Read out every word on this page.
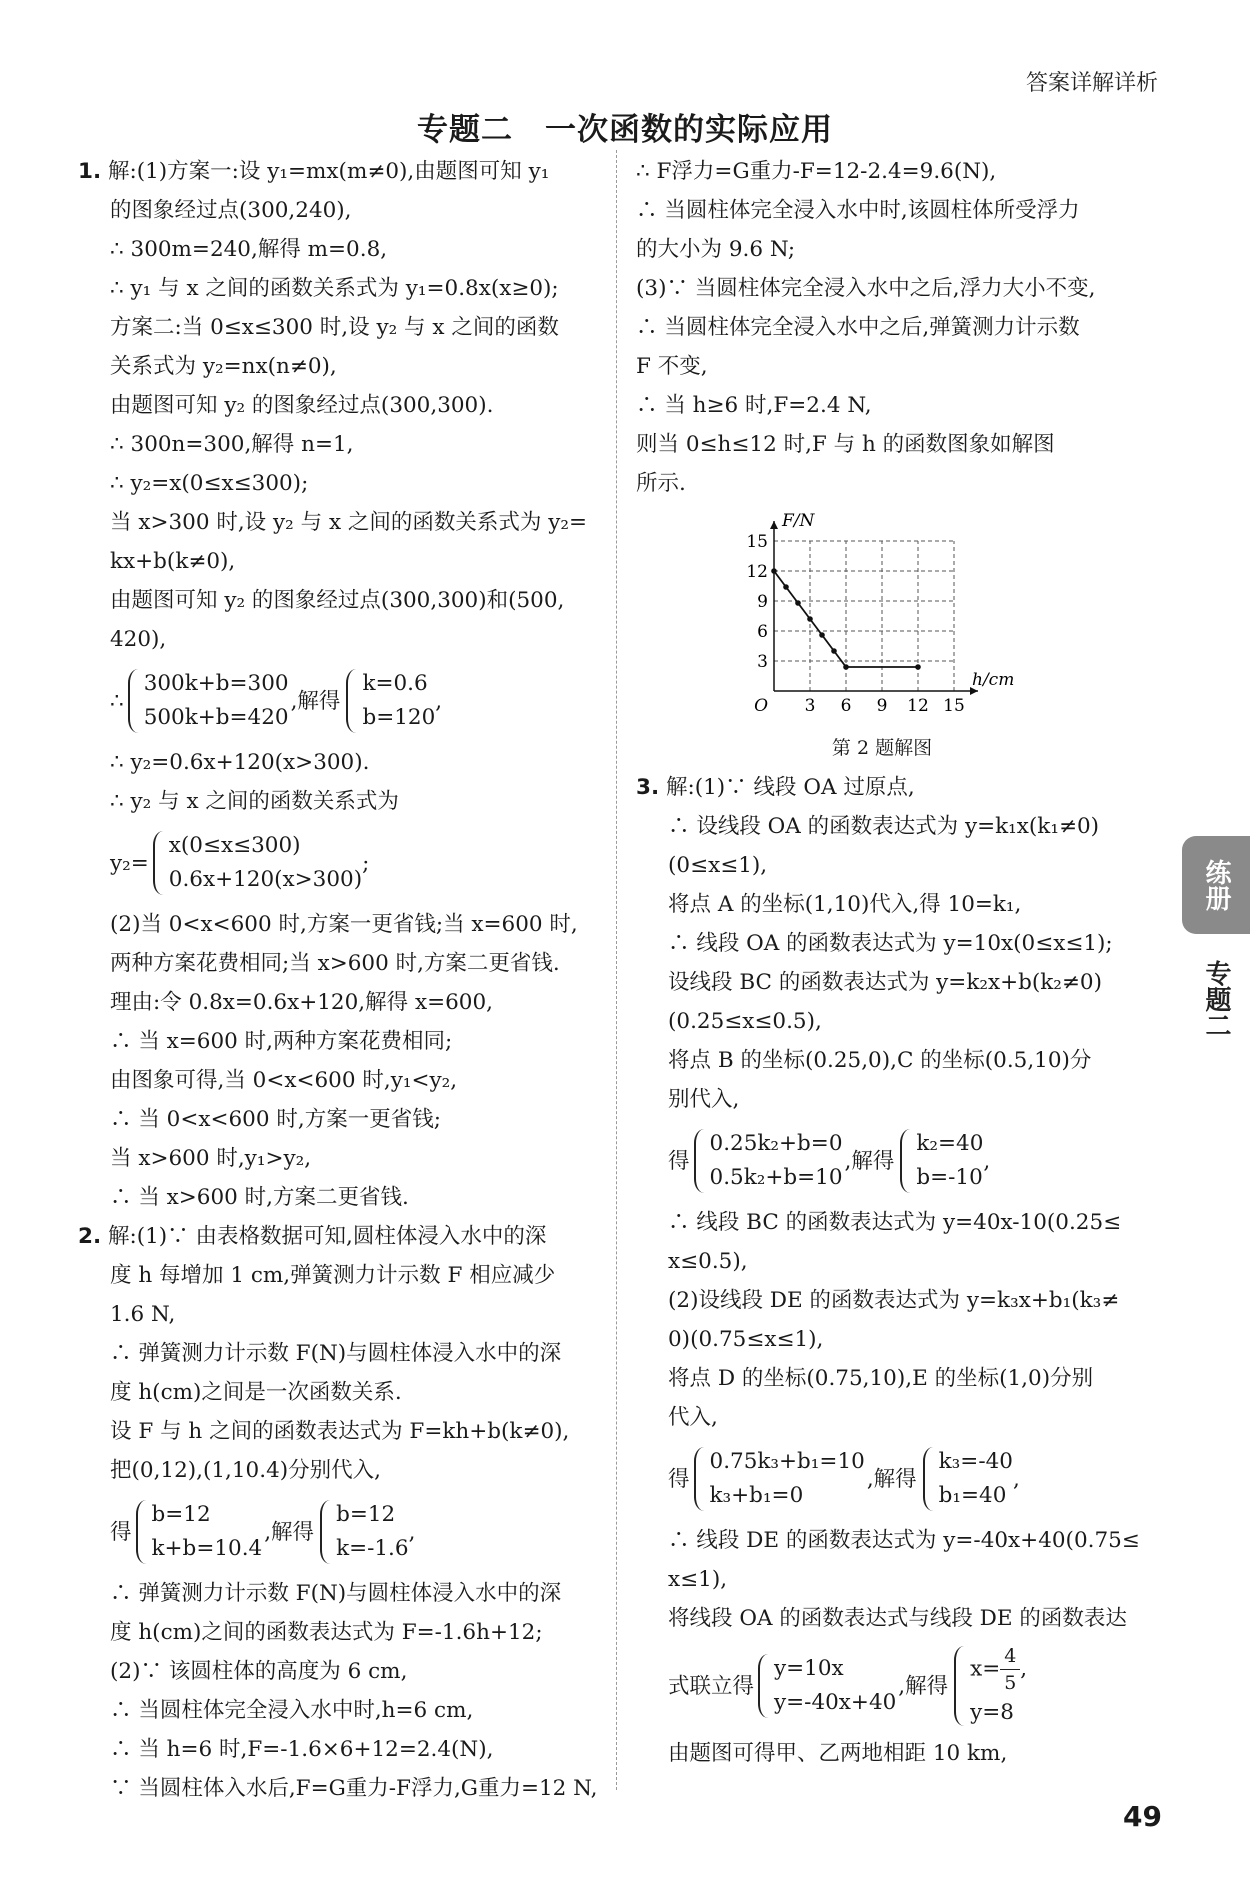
答案详解详析
专题二　一次函数的实际应用
1. 解:(1)方案一:设 y₁=mx(m≠0),由题图可知 y₁
的图象经过点(300,240),
∴ 300m=240,解得 m=0.8,
∴ y₁ 与 x 之间的函数关系式为 y₁=0.8x(x≥0);
方案二:当 0≤x≤300 时,设 y₂ 与 x 之间的函数
关系式为 y₂=nx(n≠0),
由题图可知 y₂ 的图象经过点(300,300).
∴ 300n=300,解得 n=1,
∴ y₂=x(0≤x≤300);
当 x>300 时,设 y₂ 与 x 之间的函数关系式为 y₂=
kx+b(k≠0),
由题图可知 y₂ 的图象经过点(300,300)和(500,
420),
∴
300k+b=300
500k+b=420
,解得
k=0.6
b=120
,
∴ y₂=0.6x+120(x>300).
∴ y₂ 与 x 之间的函数关系式为
y₂=
x(0≤x≤300)
0.6x+120(x>300)
;
(2)当 0<x<600 时,方案一更省钱;当 x=600 时,
两种方案花费相同;当 x>600 时,方案二更省钱.
理由:令 0.8x=0.6x+120,解得 x=600,
∴ 当 x=600 时,两种方案花费相同;
由图象可得,当 0<x<600 时,y₁<y₂,
∴ 当 0<x<600 时,方案一更省钱;
当 x>600 时,y₁>y₂,
∴ 当 x>600 时,方案二更省钱.
2. 解:(1)∵ 由表格数据可知,圆柱体浸入水中的深
度 h 每增加 1 cm,弹簧测力计示数 F 相应减少
1.6 N,
∴ 弹簧测力计示数 F(N)与圆柱体浸入水中的深
度 h(cm)之间是一次函数关系.
设 F 与 h 之间的函数表达式为 F=kh+b(k≠0),
把(0,12),(1,10.4)分别代入,
得
b=12
k+b=10.4
,解得
b=12
k=-1.6
,
∴ 弹簧测力计示数 F(N)与圆柱体浸入水中的深
度 h(cm)之间的函数表达式为 F=-1.6h+12;
(2)∵ 该圆柱体的高度为 6 cm,
∴ 当圆柱体完全浸入水中时,h=6 cm,
∴ 当 h=6 时,F=-1.6×6+12=2.4(N),
∵ 当圆柱体入水后,F=G重力-F浮力,G重力=12 N,
∴ F浮力=G重力-F=12-2.4=9.6(N),
∴ 当圆柱体完全浸入水中时,该圆柱体所受浮力
的大小为 9.6 N;
(3)∵ 当圆柱体完全浸入水中之后,浮力大小不变,
∴ 当圆柱体完全浸入水中之后,弹簧测力计示数
F 不变,
∴ 当 h≥6 时,F=2.4 N,
则当 0≤h≤12 时,F 与 h 的函数图象如解图
所示.
3 6 9 12 15
3
6
9
12
15
O
h/cm
F/N
第 2 题解图
3. 解:(1)∵ 线段 OA 过原点,
∴ 设线段 OA 的函数表达式为 y=k₁x(k₁≠0)
(0≤x≤1),
将点 A 的坐标(1,10)代入,得 10=k₁,
∴ 线段 OA 的函数表达式为 y=10x(0≤x≤1);
设线段 BC 的函数表达式为 y=k₂x+b(k₂≠0)
(0.25≤x≤0.5),
将点 B 的坐标(0.25,0),C 的坐标(0.5,10)分
别代入,
得
0.25k₂+b=0
0.5k₂+b=10
,解得
k₂=40
b=-10
,
∴ 线段 BC 的函数表达式为 y=40x-10(0.25≤
x≤0.5),
(2)设线段 DE 的函数表达式为 y=k₃x+b₁(k₃≠
0)(0.75≤x≤1),
将点 D 的坐标(0.75,10),E 的坐标(1,0)分别
代入,
得
0.75k₃+b₁=10
k₃+b₁=0
,解得
k₃=-40
b₁=40
,
∴ 线段 DE 的函数表达式为 y=-40x+40(0.75≤
x≤1),
将线段 OA 的函数表达式与线段 DE 的函数表达
式联立得
y=10x
y=-40x+40
,解得
$x= \frac{4}{5}$ ,
y=8
由题图可得甲、乙两地相距 10 km,
练册
专题二
49
